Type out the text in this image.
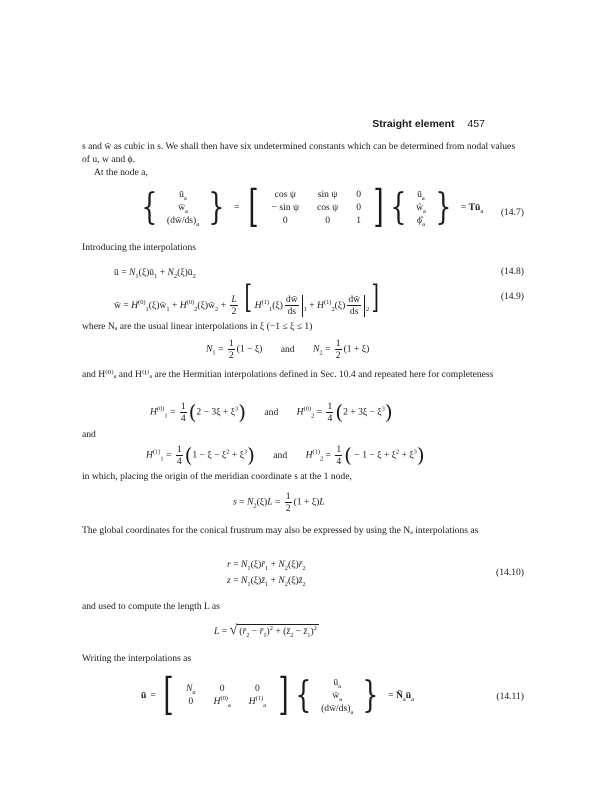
Straight element 457
s and w̄ as cubic in s. We shall then have six undetermined constants which can be determined from nodal values of u, w and ϕ.
At the node a,
{ $ū_a$
$w̄_a$
$(dw̄/ds)_a$ } = [ cos ψ	sin ψ	0
− sin ψ	cos ψ	0
0	0	1 ] { $ū_a$
$ŵ_a$
$\phî_a$ } = $Tū_a$ (14.7)
Introducing the interpolations
ū = $N_1(\xi)ū_1$ + $N_2(\xi)ū_2$	(14.8)
w̄ = $H^{(0)}_1(\xi)w̄_1$ + $H^{(0)}_2(\xi)w̄_2 + \frac{L}{2}$ [ $H^{(1)}_1(\xi) \frac{dw̄}{ds} _1 + H^{(1)}_2(\xi) \frac{dw̄}{ds} _2$]	(14.9)
where Nₐ are the usual linear interpolations in ξ (−1 ≤ ξ ≤ 1)
$N_1 = \frac{1}{2} (1 - \xi)$ and $N_2 = \frac{1}{2} (1 + \xi)$
and H⁽⁰⁾ₐ and H⁽¹⁾ₐ are the Hermitian interpolations defined in Sec. 10.4 and repeated here for completeness
$H^{(0)}_1 = \frac{1}{4} (2 - 3\xi + \xi^3)$ and $H^{(0)}_2 = \frac{1}{4} (2 + 3\xi - \xi^3)$
and
$H^{(1)}_1 = \frac{1}{4} (1 - \xi - \xi^2 + \xi^3)$ and $H^{(1)}_2 = \frac{1}{4}$ ( − $1 - \xi + \xi^2 + \xi^3$)
in which, placing the origin of the meridian coordinate s at the 1 node,
$s = N_2(\xi)L = \frac{1}{2} (1 + \xi)L$
The global coordinates for the conical frustrum may also be expressed by using the Nₐ interpolations as
$r = N_1(\xi)r̄_1$ + $N_2(\xi)r̄_2$
$z = N_1(\xi)z̄_1$ + $N_2(\xi)z̄_2$
(14.10)
and used to compute the length L as
L = √ ($r̄_2$ − $r̄_1)^2$ + ($z̄_2$ − $z̄_1)^2$
Writing the interpolations as
ū = [ $N_a$	0	0
0	$H^{(0)}_a$	$H^{(1)}_a$ ] { $ū_a$
$w̄_a$
$(dw̄/ds)_a$ } = $N̄_aū_a$	(14.11)
